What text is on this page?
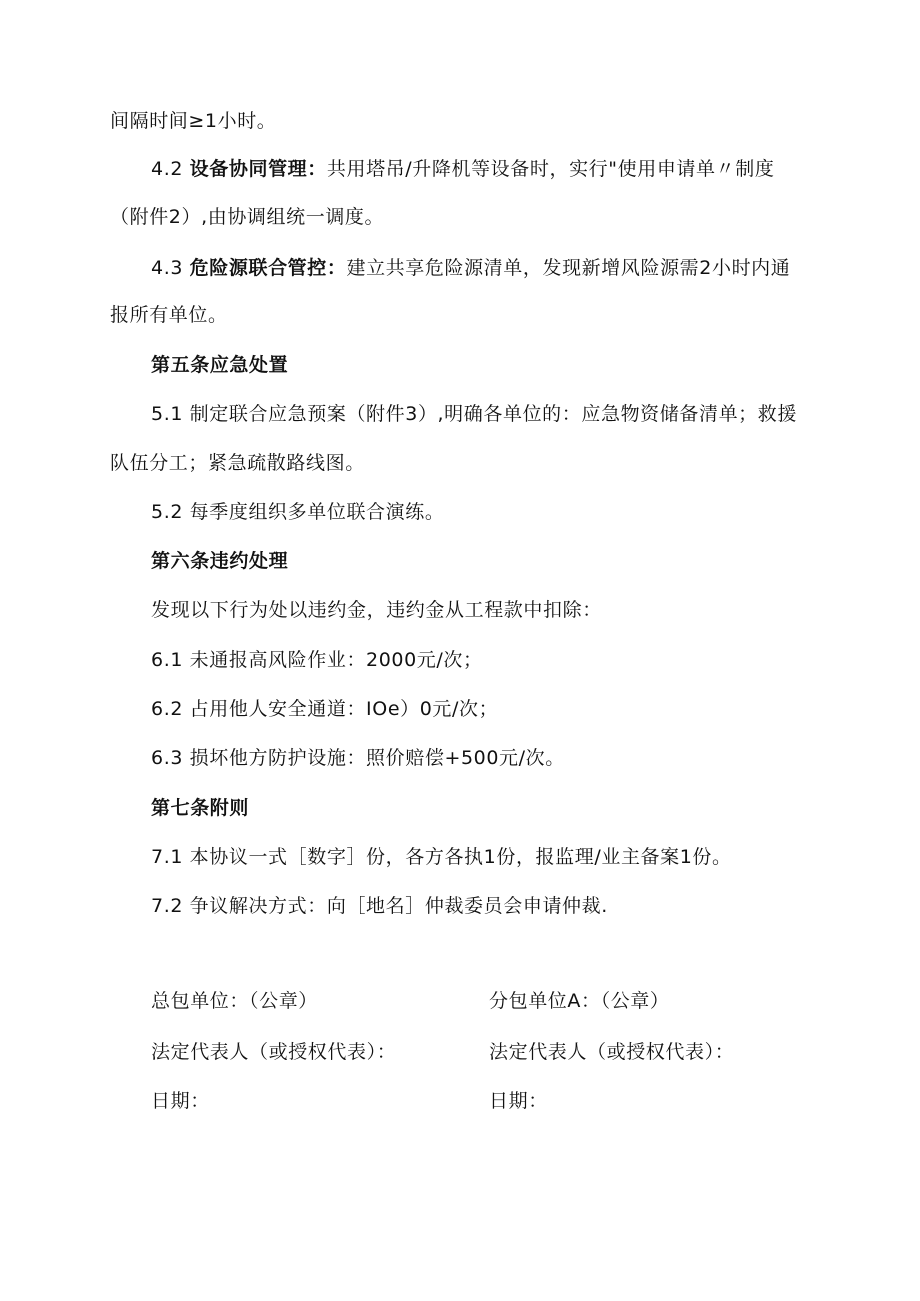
间隔时间≥1小时。
4.2 设备协同管理：共用塔吊/升降机等设备时，实行"使用申请单〃制度
（附件2）,由协调组统一调度。
4.3 危险源联合管控：建立共享危险源清单，发现新增风险源需2小时内通
报所有单位。
第五条应急处置
5.1 制定联合应急预案（附件3）,明确各单位的：应急物资储备清单；救援
队伍分工；紧急疏散路线图。
5.2 每季度组织多单位联合演练。
第六条违约处理
发现以下行为处以违约金，违约金从工程款中扣除：
6.1 未通报高风险作业：2000元/次；
6.2 占用他人安全通道：IOe）0元/次；
6.3 损坏他方防护设施：照价赔偿+500元/次。
第七条附则
7.1 本协议一式［数字］份，各方各执1份，报监理/业主备案1份。
7.2 争议解决方式：向［地名］仲裁委员会申请仲裁.
总包单位：（公章）	分包单位A：（公章）
法定代表人（或授权代表）：	法定代表人（或授权代表）：
日期：	日期：
